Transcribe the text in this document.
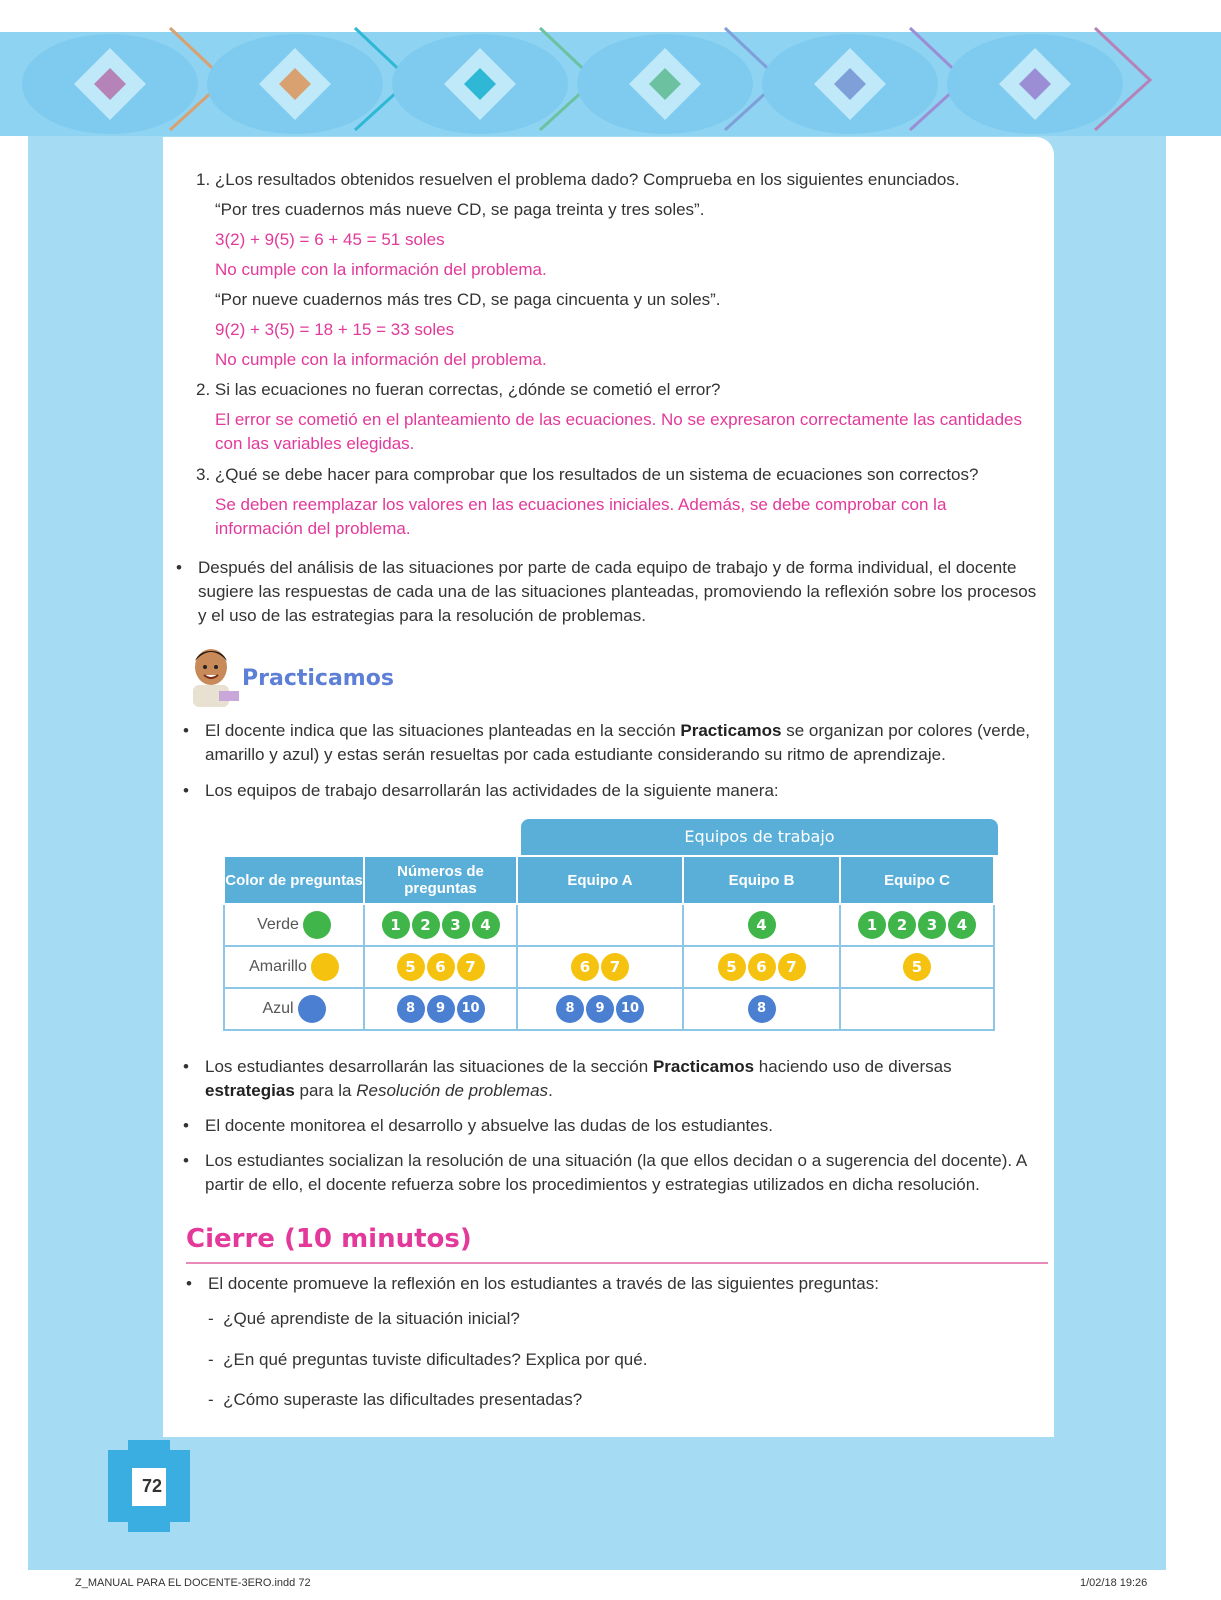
1. ¿Los resultados obtenidos resuelven el problema dado? Comprueba en los siguientes enunciados.
“Por tres cuadernos más nueve CD, se paga treinta y tres soles”.
3(2) + 9(5) = 6 + 45 = 51 soles
No cumple con la información del problema.
“Por nueve cuadernos más tres CD, se paga cincuenta y un soles”.
9(2) + 3(5) = 18 + 15 = 33 soles
No cumple con la información del problema.
2. Si las ecuaciones no fueran correctas, ¿dónde se cometió el error?
El error se cometió en el planteamiento de las ecuaciones. No se expresaron correctamente las cantidades con las variables elegidas.
3. ¿Qué se debe hacer para comprobar que los resultados de un sistema de ecuaciones son correctos?
Se deben reemplazar los valores en las ecuaciones iniciales. Además, se debe comprobar con la información del problema.
• Después del análisis de las situaciones por parte de cada equipo de trabajo y de forma individual, el docente sugiere las respuestas de cada una de las situaciones planteadas, promoviendo la reflexión sobre los procesos y el uso de las estrategias para la resolución de problemas.
Practicamos
• El docente indica que las situaciones planteadas en la sección Practicamos se organizan por colores (verde, amarillo y azul) y estas serán resueltas por cada estudiante considerando su ritmo de aprendizaje.
• Los equipos de trabajo desarrollarán las actividades de la siguiente manera:
Equipos de trabajo
Color de preguntas	Números de preguntas	Equipo A	Equipo B	Equipo C
Verde	1 2 3 4		4	1 2 3 4
Amarillo	5 6 7	6 7	5 6 7	5
Azul	8 9 10	8 9 10	8	
• Los estudiantes desarrollarán las situaciones de la sección Practicamos haciendo uso de diversas estrategias para la Resolución de problemas.
• El docente monitorea el desarrollo y absuelve las dudas de los estudiantes.
• Los estudiantes socializan la resolución de una situación (la que ellos decidan o a sugerencia del docente). A partir de ello, el docente refuerza sobre los procedimientos y estrategias utilizados en dicha resolución.
Cierre (10 minutos)
• El docente promueve la reflexión en los estudiantes a través de las siguientes preguntas:
-  ¿Qué aprendiste de la situación inicial?
-  ¿En qué preguntas tuviste dificultades? Explica por qué.
-  ¿Cómo superaste las dificultades presentadas?
72
Z_MANUAL PARA EL DOCENTE-3ERO.indd 72	1/02/18 19:26
